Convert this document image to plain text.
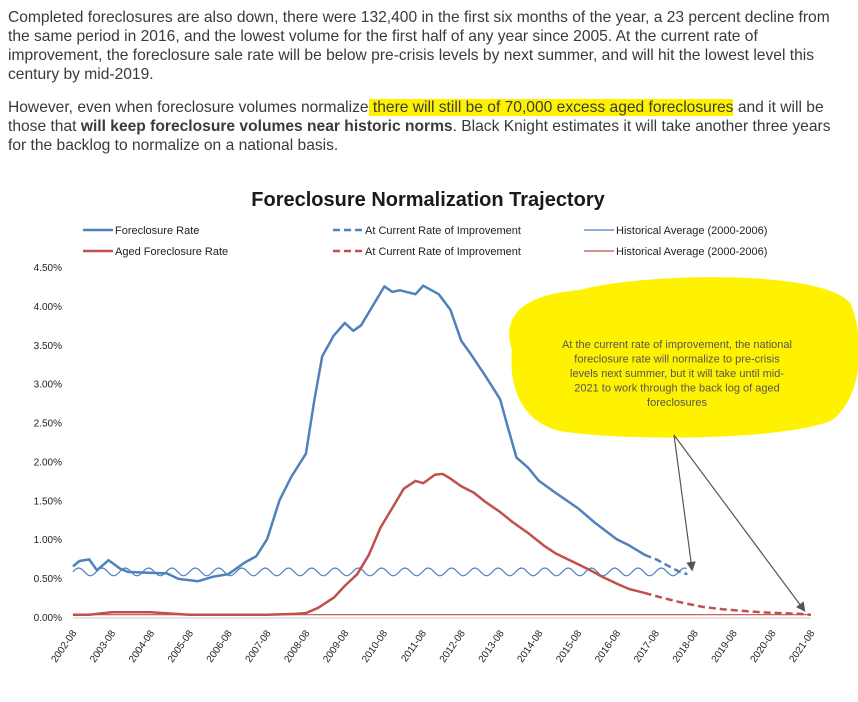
Completed foreclosures are also down, there were 132,400 in the first six months of the year, a 23 percent decline from the same period in 2016, and the lowest volume for the first half of any year since 2005. At the current rate of improvement, the foreclosure sale rate will be below pre-crisis levels by next summer, and will hit the lowest level this century by mid-2019.

However, even when foreclosure volumes normalize there will still be of 70,000 excess aged foreclosures and it will be those that will keep foreclosure volumes near historic norms. Black Knight estimates it will take another three years for the backlog to normalize on a national basis.

Foreclosure Normalization Trajectory
Foreclosure Rate	At Current Rate of Improvement	Historical Average (2000-2006)
Aged Foreclosure Rate	At Current Rate of Improvement	Historical Average (2000-2006)
0.00%
0.50%
1.00%
1.50%
2.00%
2.50%
3.00%
3.50%
4.00%
4.50%
2002-08 2003-08 2004-08 2005-08 2006-08 2007-08 2008-08 2009-08 2010-08 2011-08 2012-08 2013-08 2014-08 2015-08 2016-08 2017-08 2018-08 2019-08 2020-08 2021-08
At the current rate of improvement, the national
foreclosure rate will normalize to pre-crisis
levels next summer, but it will take until mid-
2021 to work through the back log of aged
foreclosures
